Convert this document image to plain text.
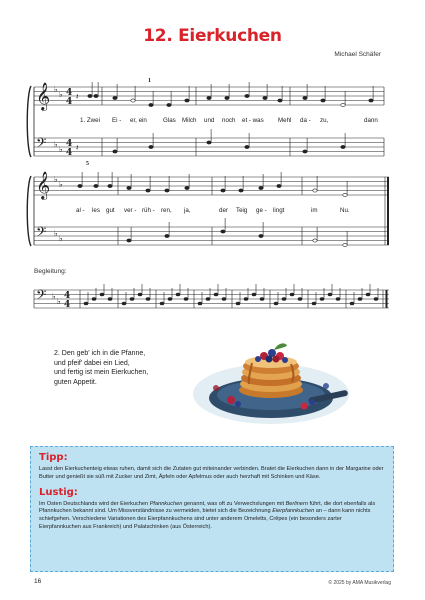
12. Eierkuchen
Michael Schäfer
𝄞
𝄢
𝄞
𝄢
𝄢
♭
♭
♭
♭
♭
♭
♭
♭
♭
♭
4
4
4
4
4
4
𝄽
𝄽
1
5
1. Zwei Ei - er, ein	Glas Milch und noch et - was Mehl da - zu,	dann
al - les gut ver - rüh - ren, ja,	der Teig ge - lingt	im	Nu.
Begleitung:
2. Den geb' ich in die Pfanne,
und pfeif' dabei ein Lied,
und fertig ist mein Eierkuchen,
guten Appetit.
Tipp:
Lasst den Eierkuchenteig etwas ruhen, damit sich die Zutaten gut miteinander verbinden. Bratet die Eierkuchen dann in der Margarine oder Butter und genießt sie süß mit Zucker und Zimt, Äpfeln oder Apfelmus oder auch herzhaft mit Schinken und Käse.
Lustig:
Im Osten Deutschlands wird der Eierkuchen Pfannkuchen genannt, was oft zu Verwechslungen mit Berlinern führt, die dort ebenfalls als Pfannkuchen bekannt sind. Um Missverständnisse zu vermeiden, bietet sich die Bezeichnung Eierpfannkuchen an – dann kann nichts schiefgehen. Verschiedene Variationen des Eierpfannkuchens sind unter anderem Omeletts, Crêpes (ein besonders zarter Eierpfannkuchen aus Frankreich) und Palatschinken (aus Österreich).
16	© 2025 by AMA Musikverlag
